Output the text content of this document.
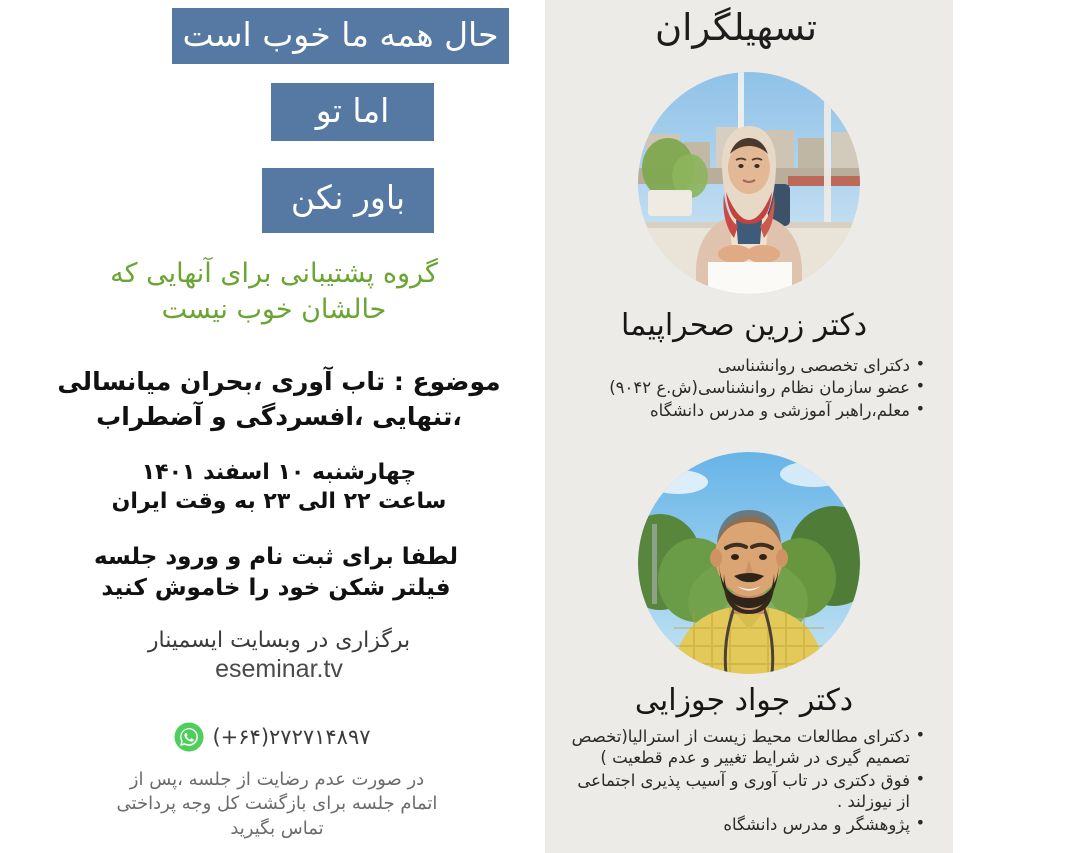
حال همه ما خوب است
اما تو
باور نکن
گروه پشتیبانی برای آنهایی که
حالشان خوب نیست
موضوع : تاب آوری ،بحران میانسالی
،تنهایی ،افسردگی و آضطراب
چهارشنبه ۱۰ اسفند ۱۴۰۱
ساعت ۲۲ الی ۲۳ به وقت ایران
لطفا برای ثبت نام و ورود جلسه
فیلتر شکن خود را خاموش کنید
برگزاری در وبسایت ایسمینار
eseminar.tv
(+۶۴)۲۷۲۷۱۴۸۹۷
در صورت عدم رضایت از جلسه ،پس از
اتمام جلسه برای بازگشت کل وجه پرداختی
تماس بگیرید
تسهیلگران
دکتر زرین صحراپیما
• دکترای تخصصی روانشناسی
• عضو سازمان نظام روانشناسی(ش.ع ۹۰۴۲)
• معلم،راهبر آموزشی و مدرس دانشگاه
دکتر جواد جوزایی
• دکترای مطالعات محیط زیست از استرالیا(تخصص تصمیم گیری در شرایط تغییر و عدم قطعیت )
• فوق دکتری در تاب آوری و آسیب پذیری اجتماعی از نیوزلند .
• پژوهشگر و مدرس دانشگاه
